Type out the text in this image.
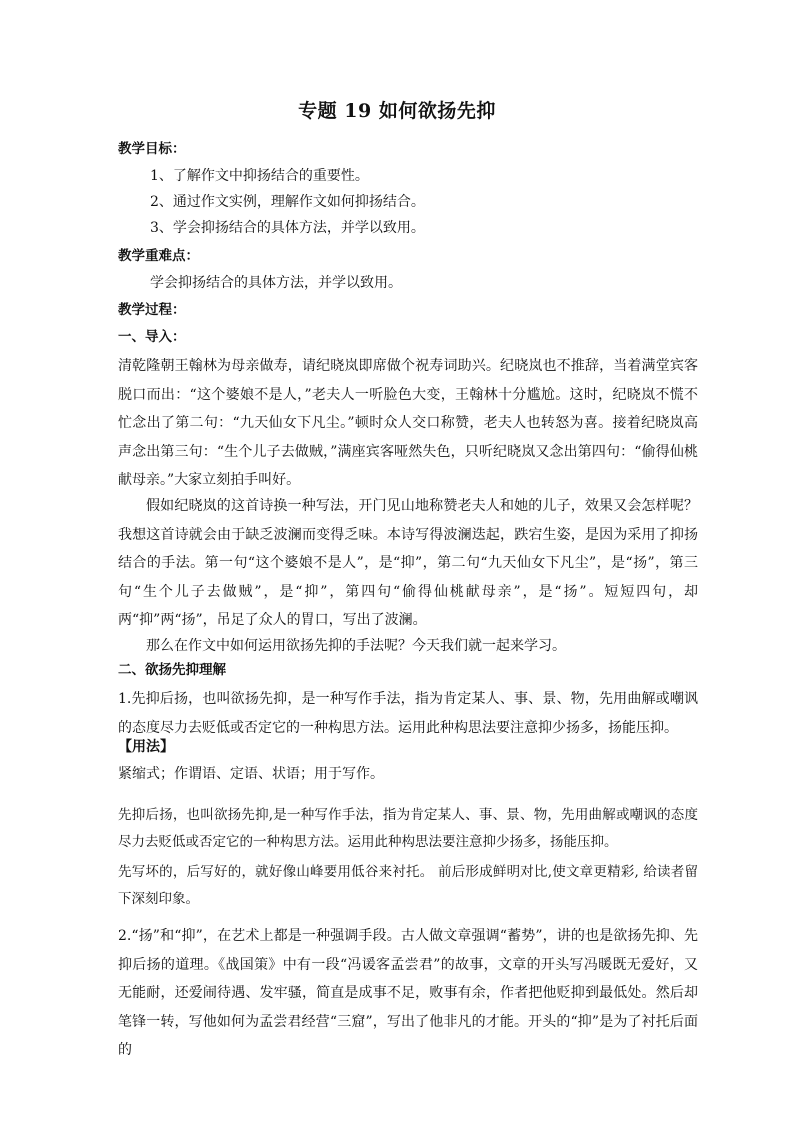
专题 19 如何欲扬先抑
教学目标：
1、了解作文中抑扬结合的重要性。
2、通过作文实例，理解作文如何抑扬结合。
3、学会抑扬结合的具体方法，并学以致用。
教学重难点：
学会抑扬结合的具体方法，并学以致用。
教学过程：
一、导入：
清乾隆朝王翰林为母亲做寿，请纪晓岚即席做个祝寿词助兴。纪晓岚也不推辞，当着满堂宾客脱口而出：“这个婆娘不是人，”老夫人一听脸色大变，王翰林十分尴尬。这时，纪晓岚不慌不忙念出了第二句：“九天仙女下凡尘。”顿时众人交口称赞，老夫人也转怒为喜。接着纪晓岚高声念出第三句：“生个儿子去做贼，”满座宾客哑然失色，只听纪晓岚又念出第四句：“偷得仙桃献母亲。”大家立刻拍手叫好。
假如纪晓岚的这首诗换一种写法，开门见山地称赞老夫人和她的儿子，效果又会怎样呢？我想这首诗就会由于缺乏波澜而变得乏味。本诗写得波澜迭起，跌宕生姿，是因为采用了抑扬结合的手法。第一句“这个婆娘不是人”，是“抑”，第二句“九天仙女下凡尘”，是“扬”，第三句“生个儿子去做贼”，是“抑”，第四句“偷得仙桃献母亲”，是“扬”。短短四句，却两“抑”两“扬”，吊足了众人的胃口，写出了波澜。
那么在作文中如何运用欲扬先抑的手法呢？今天我们就一起来学习。
二、欲扬先抑理解
1.先抑后扬，也叫欲扬先抑，是一种写作手法，指为肯定某人、事、景、物，先用曲解或嘲讽的态度尽力去贬低或否定它的一种构思方法。运用此种构思法要注意抑少扬多，扬能压抑。
【用法】
紧缩式；作谓语、定语、状语；用于写作。
先抑后扬，也叫欲扬先抑,是一种写作手法，指为肯定某人、事、景、物，先用曲解或嘲讽的态度尽力去贬低或否定它的一种构思方法。运用此种构思法要注意抑少扬多，扬能压抑。
先写坏的，后写好的，就好像山峰要用低谷来衬托。 前后形成鲜明对比,使文章更精彩, 给读者留下深刻印象。
2.“扬”和“抑”，在艺术上都是一种强调手段。古人做文章强调“蓄势”，讲的也是欲扬先抑、先抑后扬的道理。《战国策》中有一段“冯谖客孟尝君”的故事，文章的开头写冯暖既无爱好，又无能耐，还爱闹待遇、发牢骚，简直是成事不足，败事有余，作者把他贬抑到最低处。然后却笔锋一转，写他如何为孟尝君经营“三窟”，写出了他非凡的才能。开头的“抑”是为了衬托后面的
